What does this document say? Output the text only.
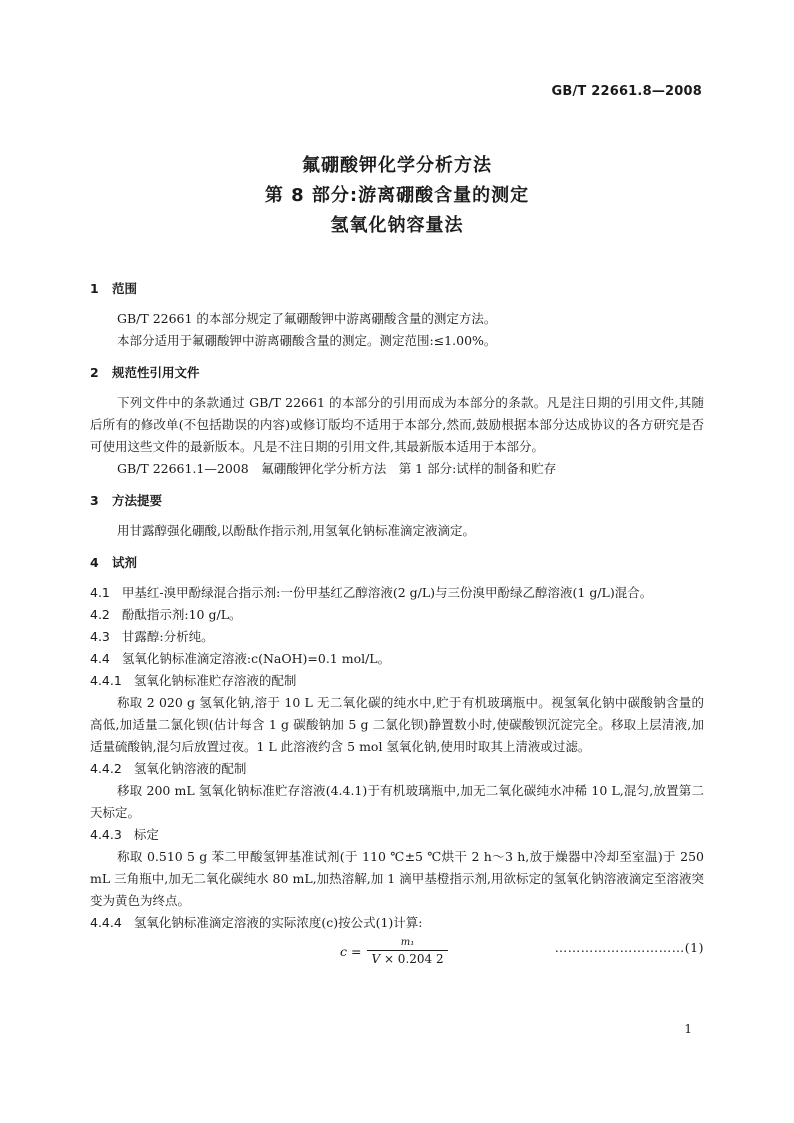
GB/T 22661.8—2008
氟硼酸钾化学分析方法
第 8 部分:游离硼酸含量的测定
氢氧化钠容量法
1 范围
GB/T 22661 的本部分规定了氟硼酸钾中游离硼酸含量的测定方法。
本部分适用于氟硼酸钾中游离硼酸含量的测定。测定范围:≤1.00%。
2 规范性引用文件
下列文件中的条款通过 GB/T 22661 的本部分的引用而成为本部分的条款。凡是注日期的引用文件,其随后所有的修改单(不包括勘误的内容)或修订版均不适用于本部分,然而,鼓励根据本部分达成协议的各方研究是否可使用这些文件的最新版本。凡是不注日期的引用文件,其最新版本适用于本部分。
GB/T 22661.1—2008　氟硼酸钾化学分析方法　第 1 部分:试样的制备和贮存
3 方法提要
用甘露醇强化硼酸,以酚酞作指示剂,用氢氧化钠标准滴定液滴定。
4 试剂
4.1 甲基红-溴甲酚绿混合指示剂:一份甲基红乙醇溶液(2 g/L)与三份溴甲酚绿乙醇溶液(1 g/L)混合。
4.2 酚酞指示剂:10 g/L。
4.3 甘露醇:分析纯。
4.4 氢氧化钠标准滴定溶液:c(NaOH)=0.1 mol/L。
4.4.1 氢氧化钠标准贮存溶液的配制
称取 2 020 g 氢氧化钠,溶于 10 L 无二氧化碳的纯水中,贮于有机玻璃瓶中。视氢氧化钠中碳酸钠含量的高低,加适量二氯化钡(估计每含 1 g 碳酸钠加 5 g 二氯化钡)静置数小时,使碳酸钡沉淀完全。移取上层清液,加适量硫酸钠,混匀后放置过夜。1 L 此溶液约含 5 mol 氢氧化钠,使用时取其上清液或过滤。
4.4.2 氢氧化钠溶液的配制
移取 200 mL 氢氧化钠标准贮存溶液(4.4.1)于有机玻璃瓶中,加无二氧化碳纯水冲稀 10 L,混匀,放置第二天标定。
4.4.3 标定
称取 0.510 5 g 苯二甲酸氢钾基准试剂(于 110 ℃±5 ℃烘干 2 h～3 h,放于燥器中冷却至室温)于 250 mL 三角瓶中,加无二氧化碳纯水 80 mL,加热溶解,加 1 滴甲基橙指示剂,用欲标定的氢氧化钠溶液滴定至溶液突变为黄色为终点。
4.4.4 氢氧化钠标准滴定溶液的实际浓度(c)按公式(1)计算:
$c = \frac{\text{m₁}}{V \times 0.204 2}$	…………………………(1)
1
